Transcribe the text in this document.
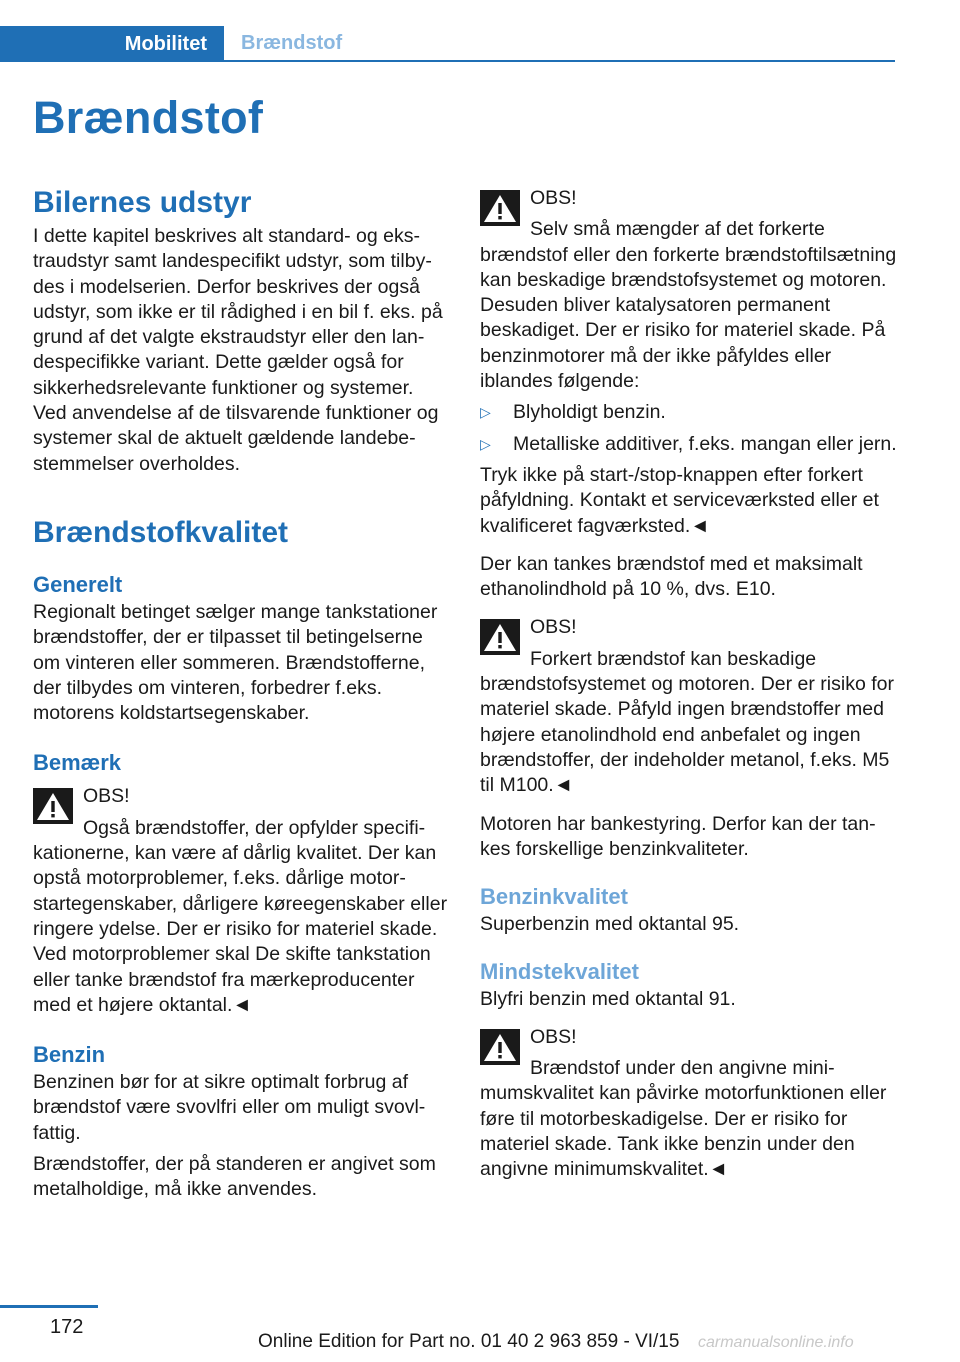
Mobilitet	Brændstof
Brændstof
Bilernes udstyr

I dette kapitel beskrives alt standard- og ekstraudstyr samt landespecifikt udstyr, som tilbydes i modelserien. Derfor beskrives der også udstyr, som ikke er til rådighed i en bil f. eks. på grund af det valgte ekstraudstyr eller den landespecifikke variant. Dette gælder også for sikkerhedsrelevante funktioner og systemer. Ved anvendelse af de tilsvarende funktioner og systemer skal de aktuelt gældende landebestemmelser overholdes.

Brændstofkvalitet
Generelt

Regionalt betinget sælger mange tankstationer brændstoffer, der er tilpasset til betingelserne om vinteren eller sommeren. Brændstofferne, der tilbydes om vinteren, forbedrer f.eks. motorens koldstartsegenskaber.

Bemærk

OBS!

Også brændstoffer, der opfylder specifikationerne, kan være af dårlig kvalitet. Der kan opstå motorproblemer, f.eks. dårlige motorstartegenskaber, dårligere køreegenskaber eller ringere ydelse. Der er risiko for materiel skade. Ved motorproblemer skal De skifte tankstation eller tanke brændstof fra mærkeproducenter med et højere oktantal.◄

Benzin

Benzinen bør for at sikre optimalt forbrug af brændstof være svovlfri eller om muligt svovlfattig.

Brændstoffer, der på standeren er angivet som metalholdige, må ikke anvendes.

OBS!

Selv små mængder af det forkerte brændstof eller den forkerte brændstoftilsætning kan beskadige brændstofsystemet og motoren. Desuden bliver katalysatoren permanent beskadiget. Der er risiko for materiel skade. På benzinmotorer må der ikke påfyldes eller iblandes følgende:

▷	Blyholdigt benzin.

▷	Metalliske additiver, f.eks. mangan eller jern.

Tryk ikke på start-/stop-knappen efter forkert påfyldning. Kontakt et serviceværksted eller et kvalificeret fagværksted.◄

Der kan tankes brændstof med et maksimalt ethanolindhold på 10 %, dvs. E10.

OBS!

Forkert brændstof kan beskadige brændstofsystemet og motoren. Der er risiko for materiel skade. Påfyld ingen brændstoffer med højere etanolindhold end anbefalet og ingen brændstoffer, der indeholder metanol, f.eks. M5 til M100.◄

Motoren har bankestyring. Derfor kan der tankes forskellige benzinkvaliteter.

Benzinkvalitet

Superbenzin med oktantal 95.

Mindstekvalitet

Blyfri benzin med oktantal 91.

OBS!

Brændstof under den angivne minimumskvalitet kan påvirke motorfunktionen eller føre til motorbeskadigelse. Der er risiko for materiel skade. Tank ikke benzin under den angivne minimumskvalitet.◄

172
Online Edition for Part no. 01 40 2 963 859 - VI/15 carmanualsonline.info
